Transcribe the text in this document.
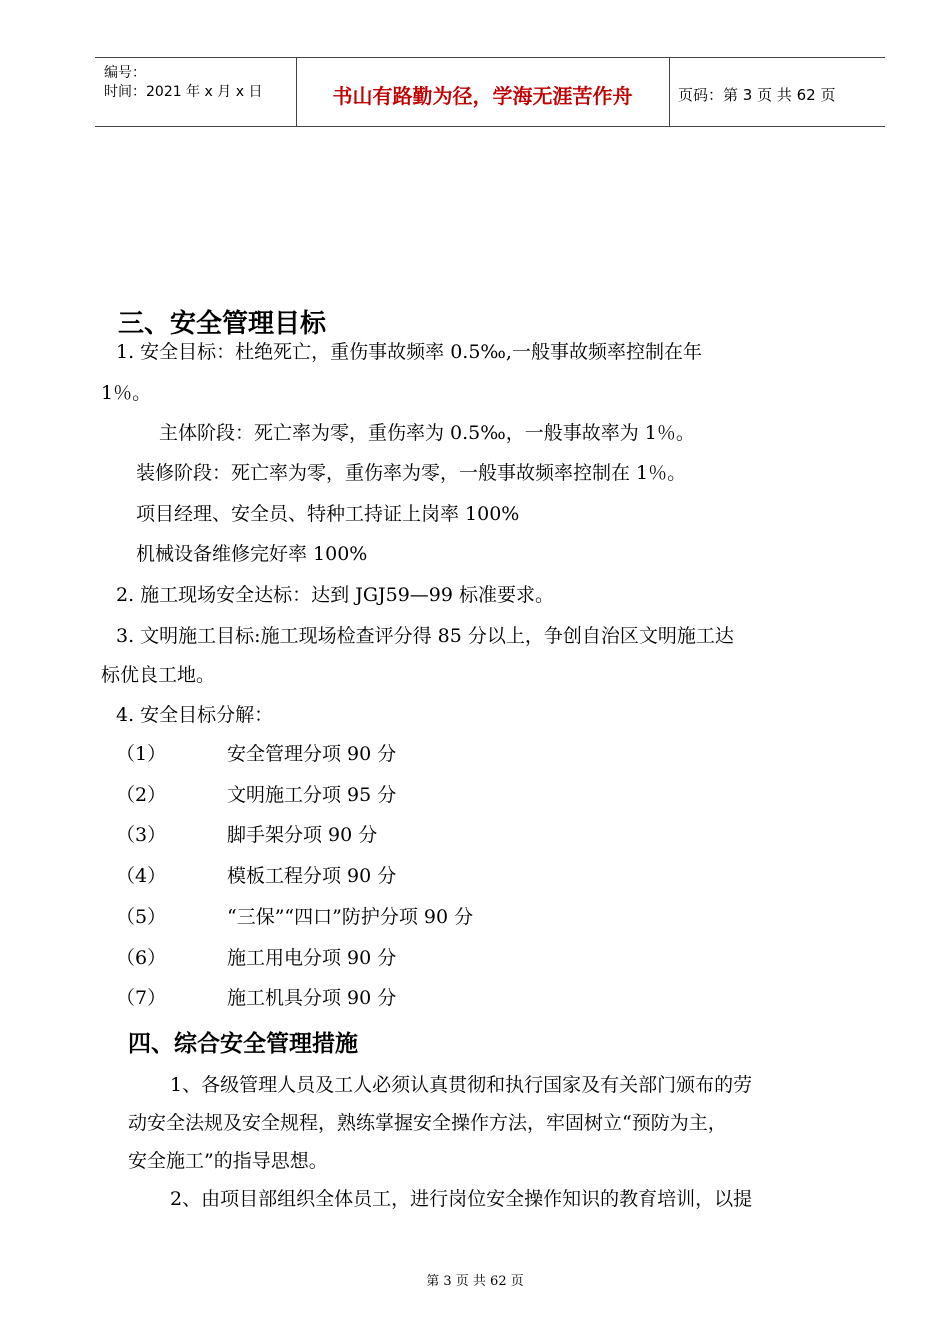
编号：
时间：2021 年 x 月 x 日	书山有路勤为径，学海无涯苦作舟	页码：第 3 页 共 62 页
三、安全管理目标
1. 安全目标：杜绝死亡，重伤事故频率 0.5‰,一般事故频率控制在年
1％。
主体阶段：死亡率为零，重伤率为 0.5‰，一般事故率为 1％。
装修阶段：死亡率为零，重伤率为零，一般事故频率控制在 1％。
项目经理、安全员、特种工持证上岗率 100%
机械设备维修完好率 100%
2. 施工现场安全达标：达到 JGJ59—99 标准要求。
3. 文明施工目标:施工现场检查评分得 85 分以上，争创自治区文明施工达
标优良工地。
4. 安全目标分解：
（1）	安全管理分项 90 分
（2）	文明施工分项 95 分
（3）	脚手架分项 90 分
（4）	模板工程分项 90 分
（5）	“三保”“四口”防护分项 90 分
（6）	施工用电分项 90 分
（7）	施工机具分项 90 分
四、综合安全管理措施
1、各级管理人员及工人必须认真贯彻和执行国家及有关部门颁布的劳
动安全法规及安全规程，熟练掌握安全操作方法，牢固树立“预防为主，
安全施工”的指导思想。
2、由项目部组织全体员工，进行岗位安全操作知识的教育培训，以提
第 3 页 共 62 页
